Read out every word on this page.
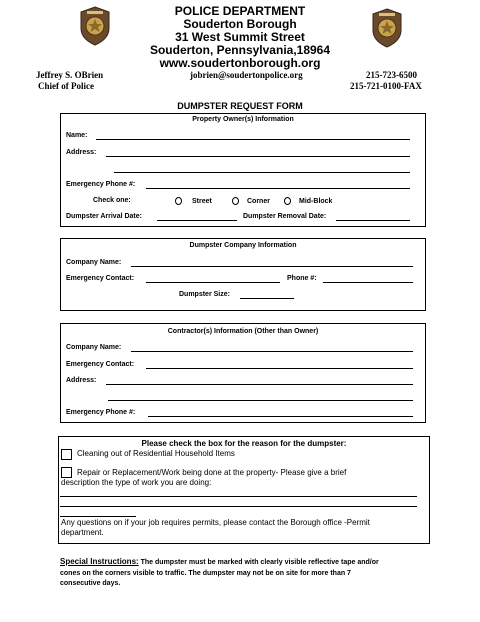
POLICE DEPARTMENT
Souderton Borough
31 West Summit Street
Souderton, Pennsylvania,18964
www.soudertonborough.org
Jeffrey S. OBrien
Chief of Police
jobrien@soudertonpolice.org	215-723-6500
215-721-0100-FAX
DUMPSTER REQUEST FORM
Property Owner(s) Information
Name:
Address:
Emergency Phone #:
Check one:	Street	Corner	Mid-Block
Dumpster Arrival Date:	Dumpster Removal Date:
Dumpster Company Information
Company Name:
Emergency Contact:	Phone #:
Dumpster Size:
Contractor(s) Information (Other than Owner)
Company Name:
Emergency Contact:
Address:
Emergency Phone #:
Please check the box for the reason for the dumpster:
Cleaning out of Residential Household Items
Repair or Replacement/Work being done at the property- Please give a brief
description the type of work you are doing:
Any questions on if your job requires permits, please contact the Borough office -Permit
department.
Special Instructions: The dumpster must be marked with clearly visible reflective tape and/or
cones on the corners visible to traffic. The dumpster may not be on site for more than 7
consecutive days.
